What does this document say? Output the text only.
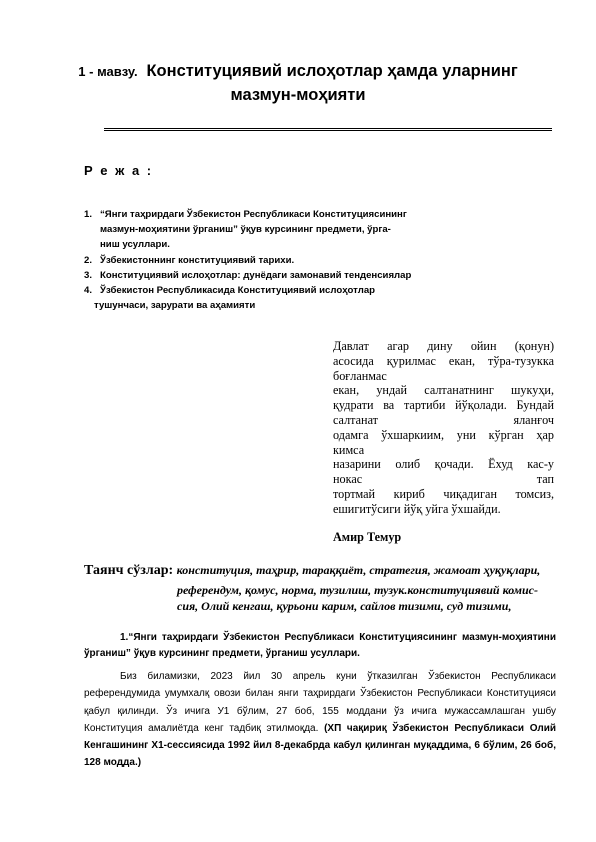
1 - мавзу. Конституциявий ислоҳотлар ҳамда уларнинг
мазмун-моҳияти
Р е ж а :
1. “Янги таҳрирдаги Ўзбекистон Республикаси Конституциясининг
мазмун-моҳиятини ўрганиш” ўқув курсининг предмети, ўрга-
ниш усуллари.
2. Ўзбекистоннинг конституциявий тарихи.
3. Конституциявий ислоҳотлар: дунёдаги замонавий тенденсиялар
4. Ўзбекистон Республикасида Конституциявий ислоҳотлар
тушунчаси, зарурати ва аҳамияти
Давлат агар дину ойин (қонун)
асосида қурилмас екан, тўра-тузукка
боғланмас
екан, ундай салтанатнинг шукуҳи,
қудрати ва тартиби йўқолади. Бундай
салтанат	яланғоч
одамга ўхшаркиим, уни кўрган ҳар
кимса
назарини олиб қочади. Ёхуд кас-у
нокас	тап
тортмай кириб чиқадиган томсиз,
ешигитўсиги йўқ уйга ўхшайди.
Амир Темур
Таянч сўзлар: конституция, таҳрир, тараққиёт, стратегия, жамоат ҳуқуқлари,
референдум, қомус, норма, тузилиш, тузук.конституциявий комис-
сия, Олий кенгаш, қурьони карим, сайлов тизими, суд тизими,
1.“Янги таҳрирдаги Ўзбекистон Республикаси Конституциясининг мазмун-моҳиятини
ўрганиш” ўқув курсининг предмети, ўрганиш усуллари.
Биз биламизки, 2023 йил 30 апрель куни ўтказилган Ўзбекистон Республикаси
референдумида умумхалқ овози билан янги таҳрирдаги Ўзбекистон Республикаси Конституцияси
қабул қилинди. Ўз ичига У1 бўлим, 27 боб, 155 моддани ўз ичига мужассамлашган ушбу
Конституция амалиётда кенг тадбиқ этилмоқда. (ХП чақириқ Ўзбекистон Республикаси Олий
Кенгашининг Х1-сессиясида 1992 йил 8-декабрда кабул қилинган муқаддима, 6 бўлим, 26 боб,
128 модда.)
